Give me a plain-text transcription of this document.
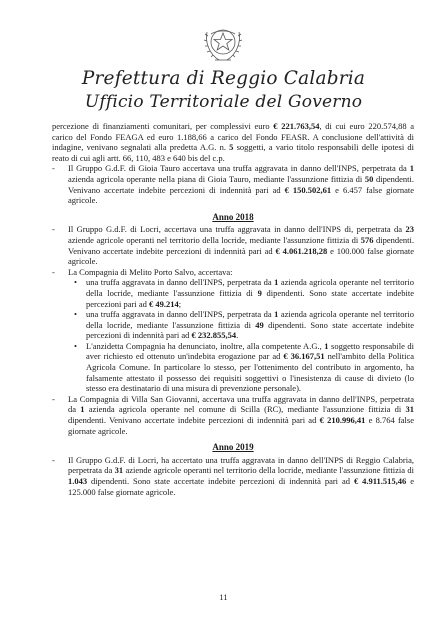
Prefettura di Reggio Calabria
Ufficio Territoriale del Governo
percezione di finanziamenti comunitari, per complessivi euro € 221.763,54, di cui euro 220.574,88 a carico del Fondo FEAGA ed euro 1.188,66 a carico del Fondo FEASR. A conclusione dell'attività di indagine, venivano segnalati alla predetta A.G. n. 5 soggetti, a vario titolo responsabili delle ipotesi di reato di cui agli artt. 66, 110, 483 e 640 bis del c.p.
- Il Gruppo G.d.F. di Gioia Tauro accertava una truffa aggravata in danno dell'INPS, perpetrata da 1 azienda agricola operante nella piana di Gioia Tauro, mediante l'assunzione fittizia di 50 dipendenti. Venivano accertate indebite percezioni di indennità pari ad € 150.502,61 e 6.457 false giornate agricole.
Anno 2018
- Il Gruppo G.d.F. di Locri, accertava una truffa aggravata in danno dell'INPS di, perpetrata da 23 aziende agricole operanti nel territorio della locride, mediante l'assunzione fittizia di 576 dipendenti. Venivano accertate indebite percezioni di indennità pari ad € 4.061.218,28 e 100.000 false giornate agricole.
- La Compagnia di Melito Porto Salvo, accertava:
• una truffa aggravata in danno dell'INPS, perpetrata da 1 azienda agricola operante nel territorio della locride, mediante l'assunzione fittizia di 9 dipendenti. Sono state accertate indebite percezioni pari ad € 49.214;
• una truffa aggravata in danno dell'INPS, perpetrata da 1 azienda agricola operante nel territorio della locride, mediante l'assunzione fittizia di 49 dipendenti. Sono state accertate indebite percezioni di indennità pari ad € 232.855,54.
• L'anzidetta Compagnia ha denunciato, inoltre, alla competente A.G., 1 soggetto responsabile di aver richiesto ed ottenuto un'indebita erogazione par ad € 36.167,51 nell'ambito della Politica Agricola Comune. In particolare lo stesso, per l'ottenimento del contributo in argomento, ha falsamente attestato il possesso dei requisiti soggettivi o l'inesistenza di cause di divieto (lo stesso era destinatario di una misura di prevenzione personale).
- La Compagnia di Villa San Giovanni, accertava una truffa aggravata in danno dell'INPS, perpetrata da 1 azienda agricola operante nel comune di Scilla (RC), mediante l'assunzione fittizia di 31 dipendenti. Venivano accertate indebite percezioni di indennità pari ad € 210.996,41 e 8.764 false giornate agricole.
Anno 2019
- Il Gruppo G.d.F. di Locri, ha accertato una truffa aggravata in danno dell'INPS di Reggio Calabria, perpetrata da 31 aziende agricole operanti nel territorio della locride, mediante l'assunzione fittizia di 1.043 dipendenti. Sono state accertate indebite percezioni di indennità pari ad € 4.911.515,46 e 125.000 false giornate agricole.
11
